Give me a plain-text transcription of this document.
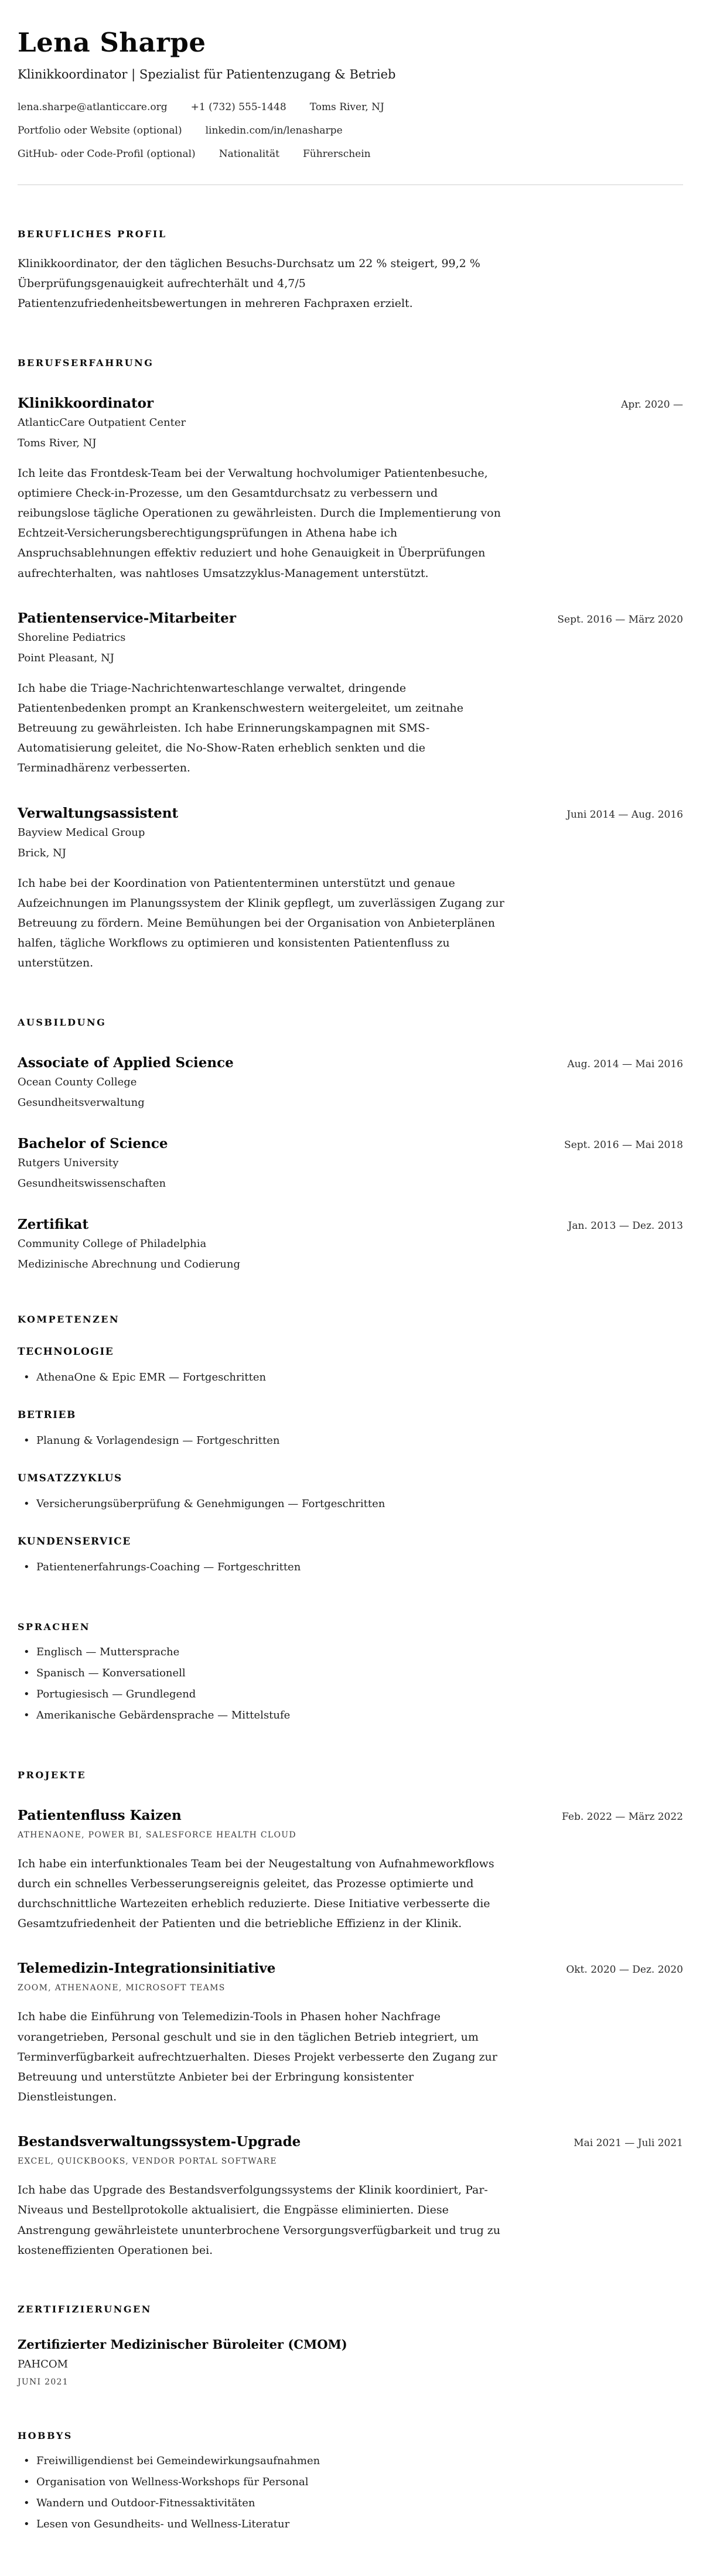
Lena Sharpe
Klinikkoordinator | Spezialist für Patientenzugang & Betrieb
lena.sharpe@atlanticcare.org +1 (732) 555-1448 Toms River, NJ
Portfolio oder Website (optional) linkedin.com/in/lenasharpe
GitHub- oder Code-Profil (optional) Nationalität Führerschein
BERUFLICHES PROFIL

Klinikkoordinator, der den täglichen Besuchs-Durchsatz um 22 % steigert, 99,2 % Überprüfungsgenauigkeit aufrechterhält und 4,7/5 Patientenzufriedenheitsbewertungen in mehreren Fachpraxen erzielt.

BERUFSERFAHRUNG
Klinikkoordinator	Apr. 2020 —
AtlanticCare Outpatient Center
Toms River, NJ

Ich leite das Frontdesk-Team bei der Verwaltung hochvolumiger Patientenbesuche, optimiere Check-in-Prozesse, um den Gesamtdurchsatz zu verbessern und reibungslose tägliche Operationen zu gewährleisten. Durch die Implementierung von Echtzeit-Versicherungsberechtigungsprüfungen in Athena habe ich Anspruchsablehnungen effektiv reduziert und hohe Genauigkeit in Überprüfungen aufrechterhalten, was nahtloses Umsatzzyklus-Management unterstützt.

Patientenservice-Mitarbeiter	Sept. 2016 — März 2020
Shoreline Pediatrics
Point Pleasant, NJ

Ich habe die Triage-Nachrichtenwarteschlange verwaltet, dringende Patientenbedenken prompt an Krankenschwestern weitergeleitet, um zeitnahe Betreuung zu gewährleisten. Ich habe Erinnerungskampagnen mit SMS-Automatisierung geleitet, die No-Show-Raten erheblich senkten und die Terminadhärenz verbesserten.

Verwaltungsassistent	Juni 2014 — Aug. 2016
Bayview Medical Group
Brick, NJ

Ich habe bei der Koordination von Patiententerminen unterstützt und genaue Aufzeichnungen im Planungssystem der Klinik gepflegt, um zuverlässigen Zugang zur Betreuung zu fördern. Meine Bemühungen bei der Organisation von Anbieterplänen halfen, tägliche Workflows zu optimieren und konsistenten Patientenfluss zu unterstützen.

AUSBILDUNG
Associate of Applied Science	Aug. 2014 — Mai 2016
Ocean County College
Gesundheitsverwaltung
Bachelor of Science	Sept. 2016 — Mai 2018
Rutgers University
Gesundheitswissenschaften
Zertifikat	Jan. 2013 — Dez. 2013
Community College of Philadelphia
Medizinische Abrechnung und Codierung
KOMPETENZEN
TECHNOLOGIE
• AthenaOne & Epic EMR — Fortgeschritten
BETRIEB
• Planung & Vorlagendesign — Fortgeschritten
UMSATZZYKLUS
• Versicherungsüberprüfung & Genehmigungen — Fortgeschritten
KUNDENSERVICE
• Patientenerfahrungs-Coaching — Fortgeschritten
SPRACHEN
• Englisch — Muttersprache
• Spanisch — Konversationell
• Portugiesisch — Grundlegend
• Amerikanische Gebärdensprache — Mittelstufe
PROJEKTE
Patientenfluss Kaizen	Feb. 2022 — März 2022
ATHENAONE, POWER BI, SALESFORCE HEALTH CLOUD

Ich habe ein interfunktionales Team bei der Neugestaltung von Aufnahmeworkflows durch ein schnelles Verbesserungsereignis geleitet, das Prozesse optimierte und durchschnittliche Wartezeiten erheblich reduzierte. Diese Initiative verbesserte die Gesamtzufriedenheit der Patienten und die betriebliche Effizienz in der Klinik.

Telemedizin-Integrationsinitiative	Okt. 2020 — Dez. 2020
ZOOM, ATHENAONE, MICROSOFT TEAMS

Ich habe die Einführung von Telemedizin-Tools in Phasen hoher Nachfrage vorangetrieben, Personal geschult und sie in den täglichen Betrieb integriert, um Terminverfügbarkeit aufrechtzuerhalten. Dieses Projekt verbesserte den Zugang zur Betreuung und unterstützte Anbieter bei der Erbringung konsistenter Dienstleistungen.

Bestandsverwaltungssystem-Upgrade	Mai 2021 — Juli 2021
EXCEL, QUICKBOOKS, VENDOR PORTAL SOFTWARE

Ich habe das Upgrade des Bestandsverfolgungssystems der Klinik koordiniert, Par-Niveaus und Bestellprotokolle aktualisiert, die Engpässe eliminierten. Diese Anstrengung gewährleistete ununterbrochene Versorgungsverfügbarkeit und trug zu kosteneffizienten Operationen bei.

ZERTIFIZIERUNGEN
Zertifizierter Medizinischer Büroleiter (CMOM)
PAHCOM
JUNI 2021
HOBBYS
• Freiwilligendienst bei Gemeindewirkungsaufnahmen
• Organisation von Wellness-Workshops für Personal
• Wandern und Outdoor-Fitnessaktivitäten
• Lesen von Gesundheits- und Wellness-Literatur
